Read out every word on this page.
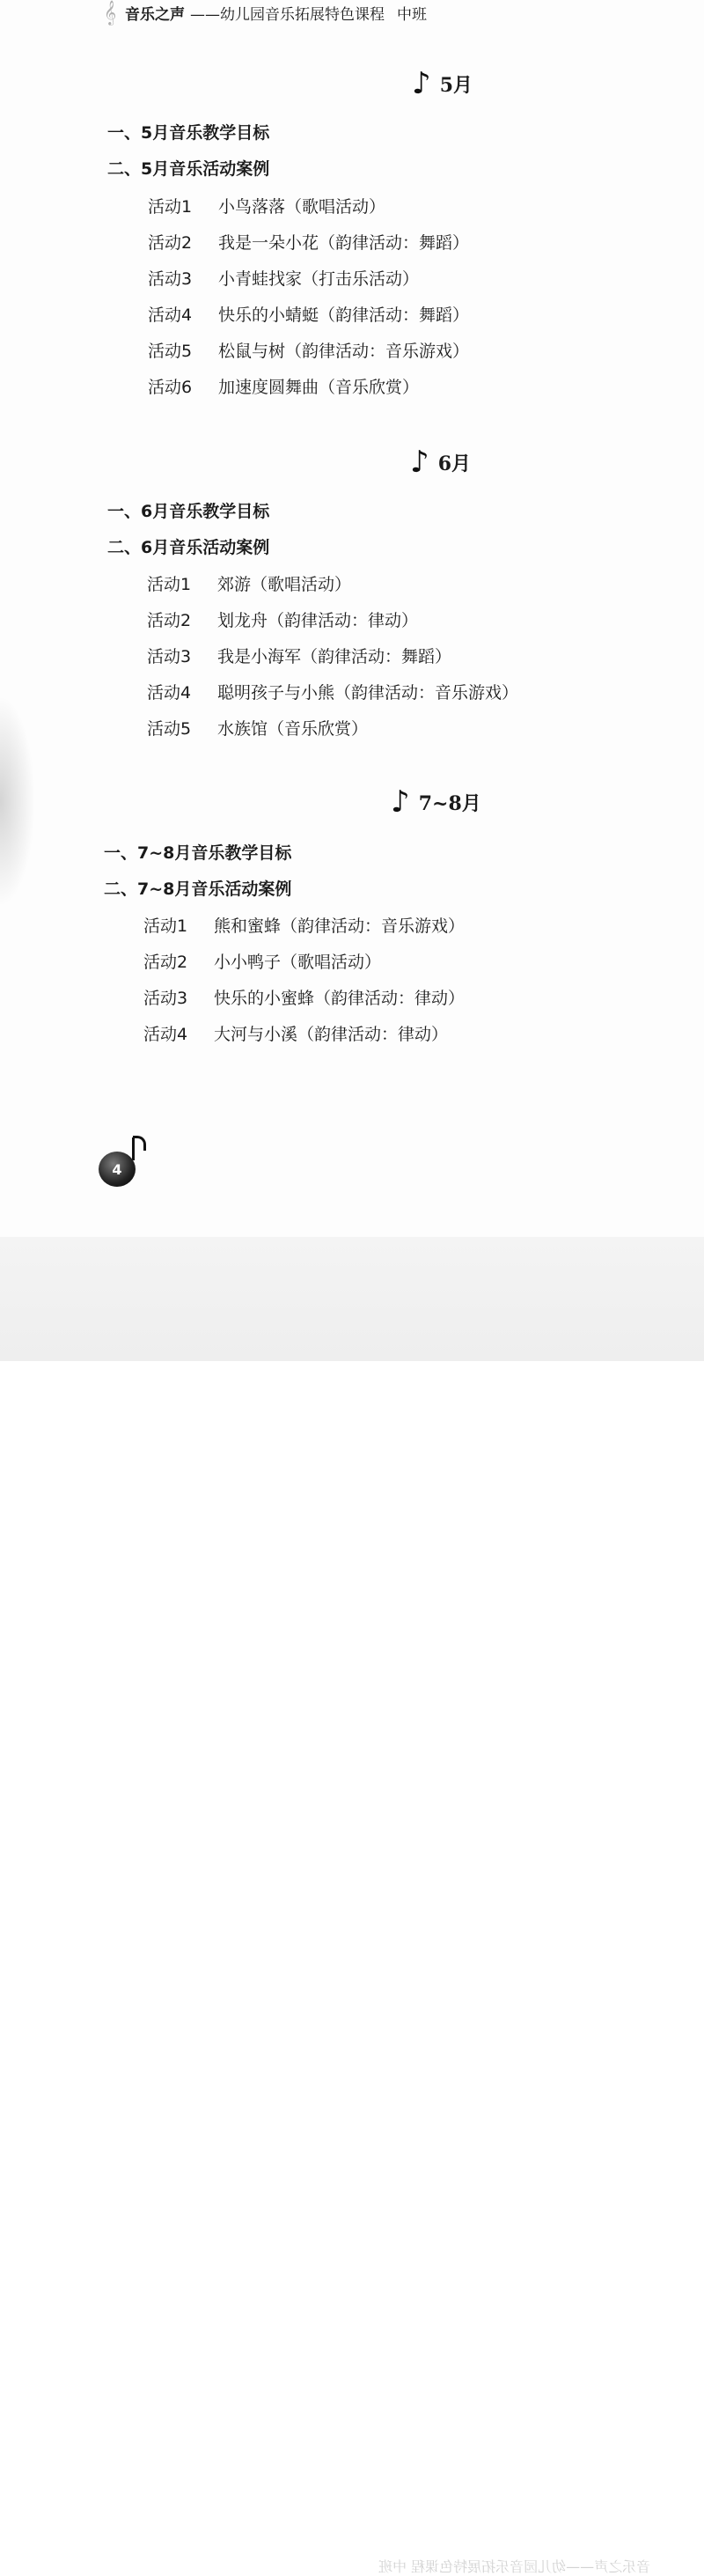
𝄞 音乐之声 ——幼儿园音乐拓展特色课程 中班
♪ 5月
一、5月音乐教学目标
二、5月音乐活动案例
活动1 小鸟落落（歌唱活动）
活动2 我是一朵小花（韵律活动：舞蹈）
活动3 小青蛙找家（打击乐活动）
活动4 快乐的小蜻蜓（韵律活动：舞蹈）
活动5 松鼠与树（韵律活动：音乐游戏）
活动6 加速度圆舞曲（音乐欣赏）
♪ 6月
一、6月音乐教学目标
二、6月音乐活动案例
活动1 郊游（歌唱活动）
活动2 划龙舟（韵律活动：律动）
活动3 我是小海军（韵律活动：舞蹈）
活动4 聪明孩子与小熊（韵律活动：音乐游戏）
活动5 水族馆（音乐欣赏）
♪ 7~8月
一、7~8月音乐教学目标
二、7~8月音乐活动案例
活动1 熊和蜜蜂（韵律活动：音乐游戏）
活动2 小小鸭子（歌唱活动）
活动3 快乐的小蜜蜂（韵律活动：律动）
活动4 大河与小溪（韵律活动：律动）
4
音乐之声——幼儿园音乐拓展特色课程 中班
